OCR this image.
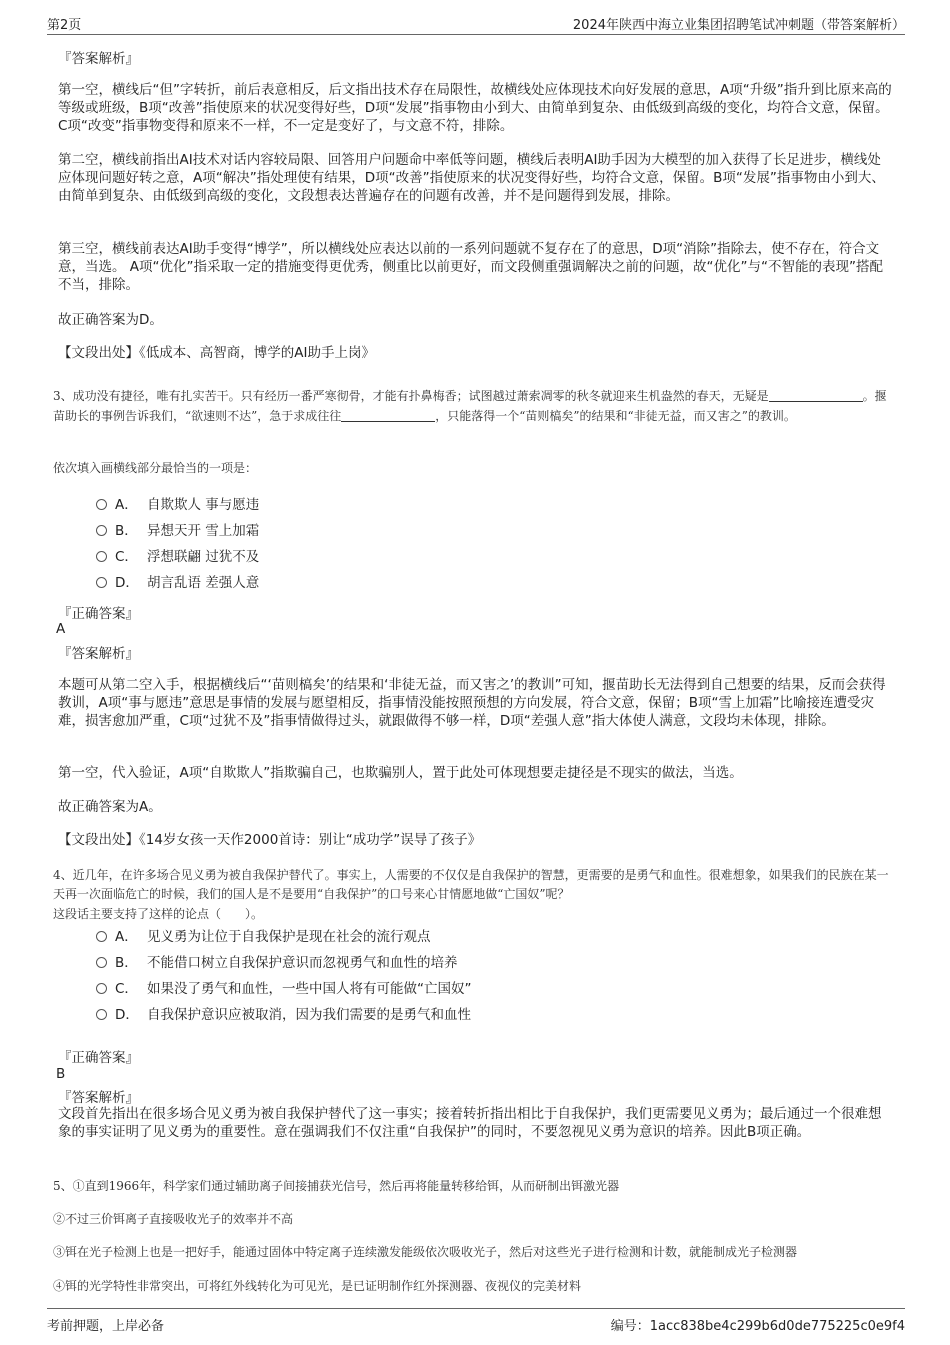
第2页	2024年陕西中海立业集团招聘笔试冲刺题（带答案解析）
『答案解析』
第一空，横线后“但”字转折，前后表意相反，后文指出技术存在局限性，故横线处应体现技术向好发展的意思，A项“升级”指升到比原来高的等级或班级，B项“改善”指使原来的状况变得好些，D项“发展”指事物由小到大、由简单到复杂、由低级到高级的变化，均符合文意，保留。C项“改变”指事物变得和原来不一样，不一定是变好了，与文意不符，排除。
第二空，横线前指出AI技术对话内容较局限、回答用户问题命中率低等问题，横线后表明AI助手因为大模型的加入获得了长足进步，横线处应体现问题好转之意，A项“解决”指处理使有结果，D项“改善”指使原来的状况变得好些，均符合文意，保留。B项“发展”指事物由小到大、由简单到复杂、由低级到高级的变化，文段想表达普遍存在的问题有改善，并不是问题得到发展，排除。
第三空，横线前表达AI助手变得“博学”，所以横线处应表达以前的一系列问题就不复存在了的意思，D项“消除”指除去，使不存在，符合文意，当选。 A项“优化”指采取一定的措施变得更优秀，侧重比以前更好，而文段侧重强调解决之前的问题，故“优化”与“不智能的表现”搭配不当，排除。
故正确答案为D。
【文段出处】《低成本、高智商，博学的AI助手上岗》
3、成功没有捷径，唯有扎实苦干。只有经历一番严寒彻骨，才能有扑鼻梅香；试图越过萧索凋零的秋冬就迎来生机盎然的春天，无疑是	。揠苗助长的事例告诉我们，“欲速则不达”，急于求成往往	，只能落得一个“苗则槁矣”的结果和“非徒无益，而又害之”的教训。
依次填入画横线部分最恰当的一项是：
A． 自欺欺人 事与愿违
B． 异想天开 雪上加霜
C． 浮想联翩 过犹不及
D． 胡言乱语 差强人意
『正确答案』
A
『答案解析』
本题可从第二空入手，根据横线后“‘苗则槁矣’的结果和‘非徒无益，而又害之’的教训”可知，揠苗助长无法得到自己想要的结果，反而会获得教训，A项“事与愿违”意思是事情的发展与愿望相反，指事情没能按照预想的方向发展，符合文意，保留；B项“雪上加霜”比喻接连遭受灾难，损害愈加严重，C项“过犹不及”指事情做得过头，就跟做得不够一样，D项“差强人意”指大体使人满意，文段均未体现，排除。
第一空，代入验证，A项“自欺欺人”指欺骗自己，也欺骗别人，置于此处可体现想要走捷径是不现实的做法，当选。
故正确答案为A。
【文段出处】《14岁女孩一天作2000首诗：别让“成功学”误导了孩子》
4、近几年，在许多场合见义勇为被自我保护替代了。事实上，人需要的不仅仅是自我保护的智慧，更需要的是勇气和血性。很难想象，如果我们的民族在某一天再一次面临危亡的时候，我们的国人是不是要用“自我保护”的口号来心甘情愿地做“亡国奴”呢？
这段话主要支持了这样的论点（　　）。
A． 见义勇为让位于自我保护是现在社会的流行观点
B． 不能借口树立自我保护意识而忽视勇气和血性的培养
C． 如果没了勇气和血性，一些中国人将有可能做“亡国奴”
D． 自我保护意识应被取消，因为我们需要的是勇气和血性
『正确答案』
B
『答案解析』
文段首先指出在很多场合见义勇为被自我保护替代了这一事实；接着转折指出相比于自我保护，我们更需要见义勇为；最后通过一个很难想象的事实证明了见义勇为的重要性。意在强调我们不仅注重“自我保护”的同时，不要忽视见义勇为意识的培养。因此B项正确。
5、①直到1966年，科学家们通过辅助离子间接捕获光信号，然后再将能量转移给铒，从而研制出铒激光器
②不过三价铒离子直接吸收光子的效率并不高
③铒在光子检测上也是一把好手，能通过固体中特定离子连续激发能级依次吸收光子，然后对这些光子进行检测和计数，就能制成光子检测器
④铒的光学特性非常突出，可将红外线转化为可见光，是已证明制作红外探测器、夜视仪的完美材料
考前押题，上岸必备	编号：1acc838be4c299b6d0de775225c0e9f4
